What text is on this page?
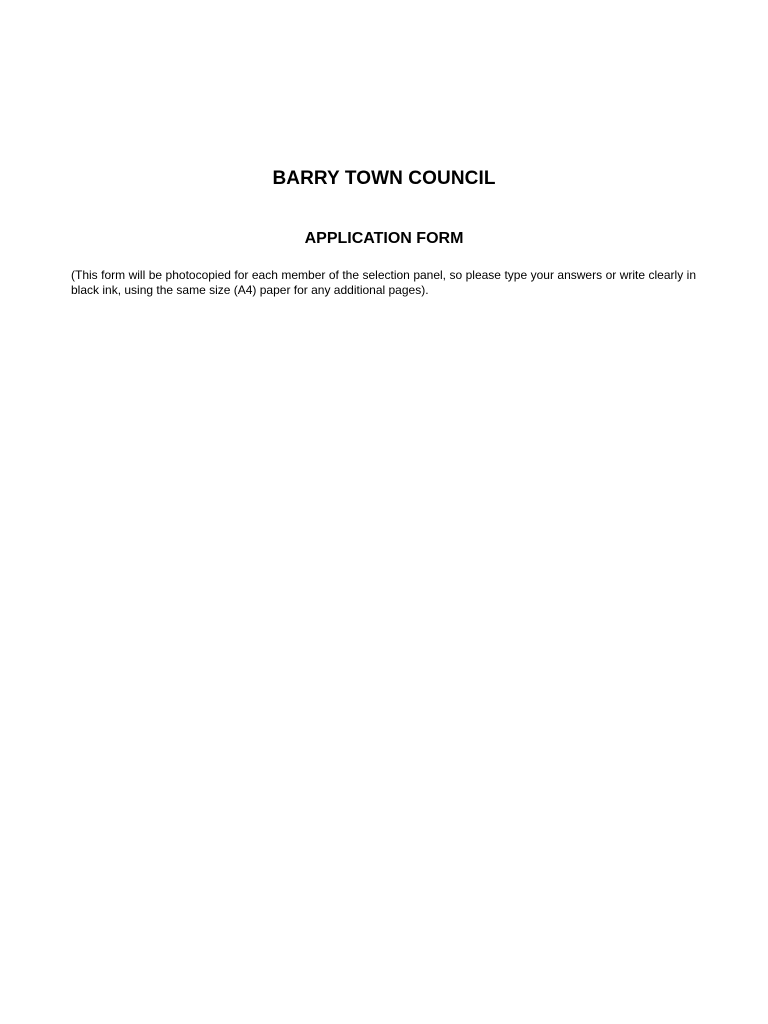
BARRY TOWN COUNCIL
APPLICATION FORM

(This form will be photocopied for each member of the selection panel, so please type your answers or write clearly in black ink, using the same size (A4) paper for any additional pages).
